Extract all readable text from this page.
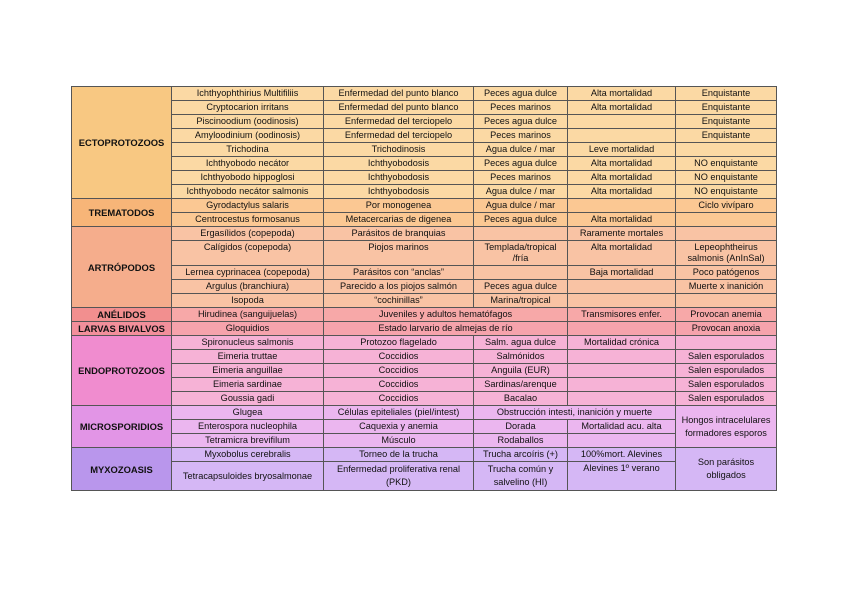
ECTOPROTOZOOS	Ichthyophthirius Multifiliis	Enfermedad del punto blanco	Peces agua dulce	Alta mortalidad	Enquistante
	Cryptocarion irritans	Enfermedad del punto blanco	Peces marinos	Alta mortalidad	Enquistante
	Piscinoodium (oodinosis)	Enfermedad del terciopelo	Peces agua dulce		Enquistante
	Amyloodinium (oodinosis)	Enfermedad del terciopelo	Peces marinos		Enquistante
	Trichodina	Trichodinosis	Agua dulce / mar	Leve mortalidad	
	Ichthyobodo necátor	Ichthyobodosis	Peces agua dulce	Alta mortalidad	NO enquistante
	Ichthyobodo hippoglosi	Ichthyobodosis	Peces marinos	Alta mortalidad	NO enquistante
	Ichthyobodo necátor salmonis	Ichthyobodosis	Agua dulce / mar	Alta mortalidad	NO enquistante
TREMATODOS	Gyrodactylus salaris	Por monogenea	Agua dulce / mar		Ciclo vivíparo
	Centrocestus formosanus	Metacercarias de digenea	Peces agua dulce	Alta mortalidad	
ARTRÓPODOS	Ergasílidos (copepoda)	Parásitos de branquias		Raramente mortales	
	Calígidos (copepoda)	Piojos marinos	Templada/tropical /fría	Alta mortalidad	Lepeophtheirus salmonis (AnInSal)
	Lernea cyprinacea (copepoda)	Parásitos con “anclas”		Baja mortalidad	Poco patógenos
	Argulus (branchiura)	Parecido a los piojos salmón	Peces agua dulce		Muerte x inanición
	Isopoda	“cochinillas”	Marina/tropical		
ANÉLIDOS	Hirudinea (sanguijuelas)	Juveniles y adultos hematófagos		Transmisores enfer.	Provocan anemia
LARVAS BIVALVOS	Gloquidios	Estado larvario de almejas de río			Provocan anoxia
ENDOPROTOZOOS	Spironucleus salmonis	Protozoo flagelado	Salm. agua dulce	Mortalidad crónica	
	Eimeria truttae	Coccidios	Salmónidos		Salen esporulados
	Eimeria anguillae	Coccidios	Anguila (EUR)		Salen esporulados
	Eimeria sardinae	Coccidios	Sardinas/arenque		Salen esporulados
	Goussia gadi	Coccidios	Bacalao		Salen esporulados
MICROSPORIDIOS	Glugea	Células epiteliales (piel/intest)	Obstrucción intesti, inanición y muerte		Hongos intracelulares formadores esporos
	Enterospora nucleophila	Caquexia y anemia	Dorada	Mortalidad acu. alta	
	Tetramicra brevifilum	Músculo	Rodaballos		
MYXOZOASIS	Myxobolus cerebralis	Torneo de la trucha	Trucha arcoíris (+)	100%mort. Alevines	Son parásitos obligados
	Tetracapsuloides bryosalmonae	Enfermedad proliferativa renal (PKD)	Trucha común y salvelino (HI)	Alevines 1º verano	
